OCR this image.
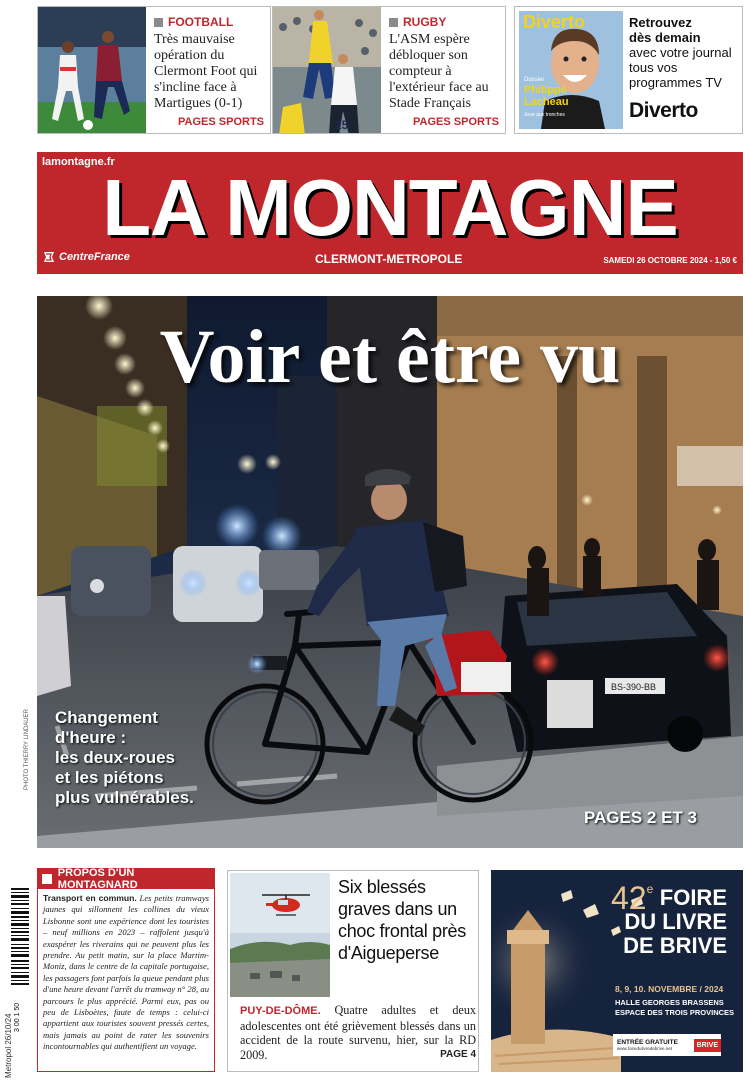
FOOTBALL
Très mauvaise opération du Clermont Foot qui s'incline face à Martigues (0-1)
PAGES SPORTS	15
RUGBY
L'ASM espère débloquer son compteur à l'extérieur face au Stade Français
PAGES SPORTS
Diverto
Dossier
Philippe Lacheau
Joue aux tronches
Retrouvez
dès demain
avec votre journal
tous vos
programmes TV
Diverto
lamontagne.fr
LA MONTAGNE
CentreFrance	CLERMONT-METROPOLE	SAMEDI 26 OCTOBRE 2024 - 1,50 €
BS-390-BB
Voir et être vu
Changement
d'heure :
les deux-roues
et les piétons
plus vulnérables.
PAGES 2 ET 3
PHOTO THIERRY LINDAUER
3 00 1 50
Metropol 26/10/24
PROPOS D'UN MONTAGNARD
Transport en commun. Les petits tramways jaunes qui sillonnent les collines du vieux Lisbonne sont une expérience dont les touristes – neuf millions en 2023 – raffolent jusqu'à exaspérer les riverains qui ne peuvent plus les prendre. Au petit matin, sur la place Martim-Moniz, dans le centre de la capitale portugaise, les passagers font parfois la queue pendant plus d'une heure devant l'arrêt du tramway n° 28, au parcours le plus apprécié. Parmi eux, pas ou peu de Lisboètes, faute de temps : celui-ci appartient aux touristes souvent pressés certes, mais jamais au point de rater les souvenirs incontournables qui authentifient un voyage.
Six blessés graves dans un choc frontal près d'Aigueperse
PUY-DE-DÔME. Quatre adultes et deux adolescentes ont été grièvement blessés dans un accident de la route survenu, hier, sur la RD 2009.	PAGE 4
42 e FOIRE
DU LIVRE
DE BRIVE
8, 9, 10. NOVEMBRE / 2024
HALLE GEORGES BRASSENS
ESPACE DES TROIS PROVINCES
ENTRÉE GRATUITE
www.foiredulivredebrive.net	BRIVE
